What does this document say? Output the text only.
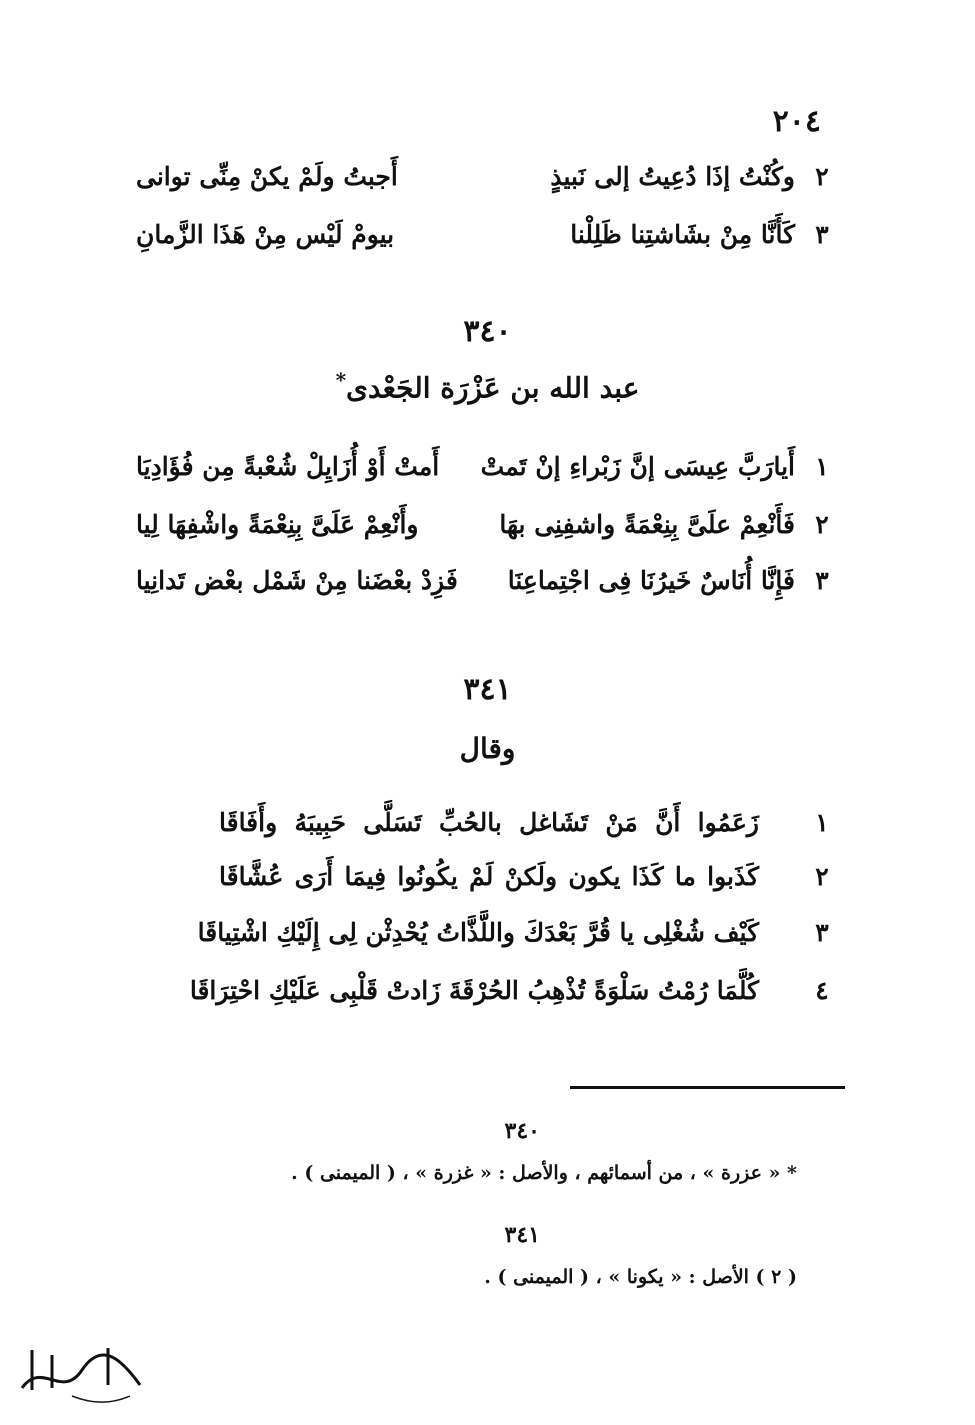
٢٠٤
٢
وكُنْتُ إذَا دُعِيتُ إلى نَبيذٍ
أَجبتُ ولَمْ يكنْ مِنِّى توانى
٣
كَأَنَّا مِنْ بشَاشتِنا ظَلِلْنا
بيومْ لَيْس مِنْ هَذَا الزَّمانِ
٣٤٠
عبد الله بن عَزْرَة الجَعْدى*
١
أَيارَبَّ عِيسَى إنَّ زَبْراءِ إنْ تَمتْ
أَمتْ أَوْ أُزَايِلْ شُعْبةً مِن فُؤَادِيَا
٢
فَأَنْعِمْ علَىَّ بِنِعْمَةً واشفِنِى بهَا
وأَنْعِمْ عَلَىَّ بِنِعْمَةً واشْفِهَا لِيا
٣
فَإِنَّا أُنَاسٌ خَيرُنَا فِى اجْتِماعِنَا
فَزِدْ بعْضَنا مِنْ شَمْل بعْض تَدانِيا
٣٤١
وقال
١
زَعَمُوا أَنَّ مَنْ تَشَاغل بالحُبِّ تَسَلَّى حَبِيبَهُ وأَفَاقَا
٢
كَذَبوا ما كَذَا يكون ولَكنْ لَمْ يكُونُوا فِيمَا أَرَى عُشَّاقَا
٣
كَيْف شُغْلِى يا قُرَّ بَعْدَكَ واللَّذَّاتُ يُحْدِثْن لِى إِلَيْكِ اشْتِياقَا
٤
كُلَّمَا رُمْتُ سَلْوَةً تُذْهِبُ الحُرْقَةَ زَادتْ قَلْبِى عَلَيْكِ احْتِرَاقَا
٣٤٠
* « عزرة » ، من أسمائهم ، والأصل : « غزرة » ، ( الميمنى ) .
٣٤١
( ٢ ) الأصل : « يكونا » ، ( الميمنى ) .
